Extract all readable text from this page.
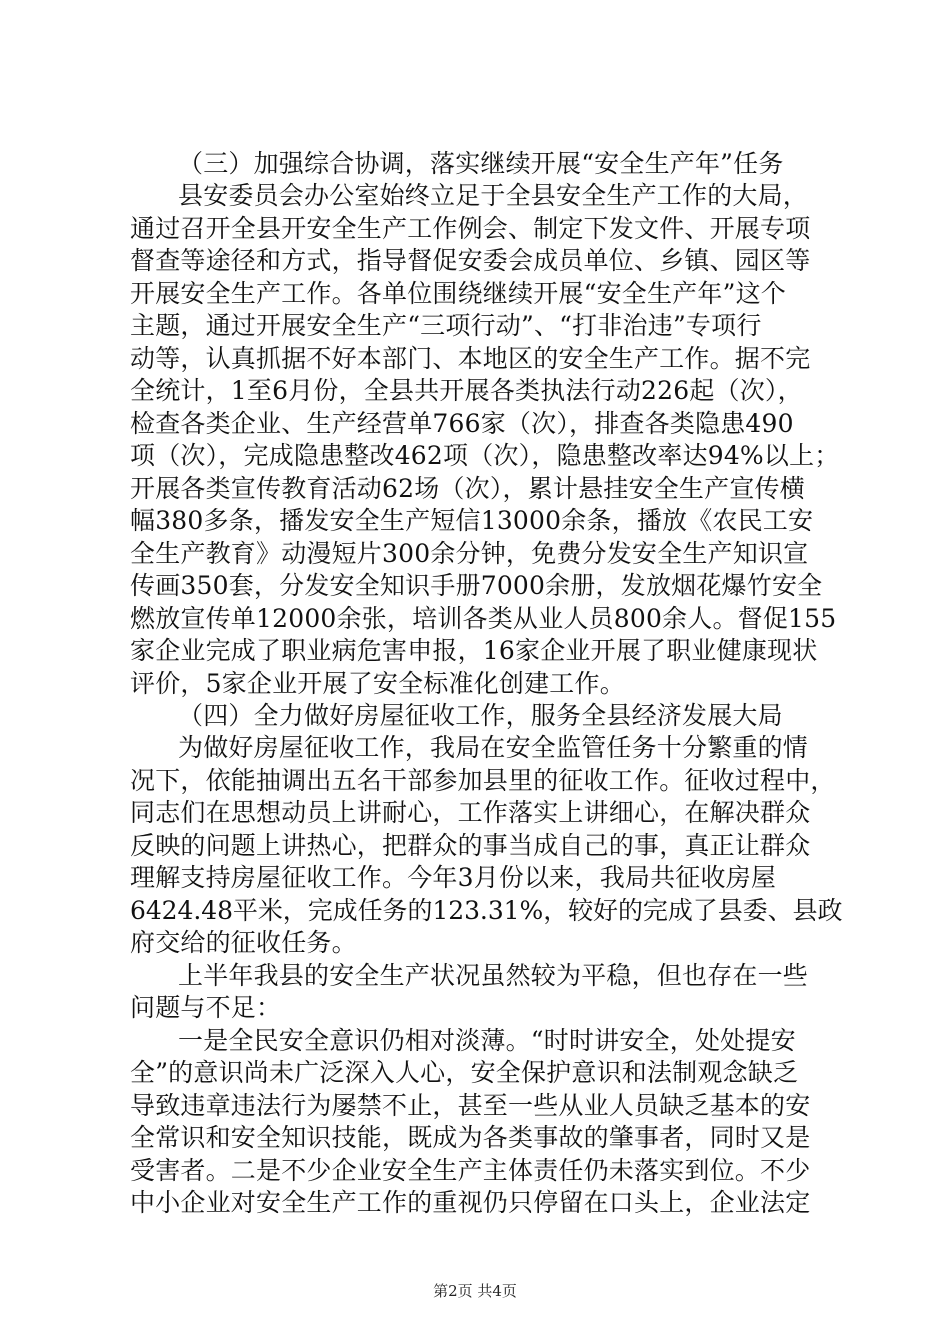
（三）加强综合协调，落实继续开展“安全生产年”任务
县安委员会办公室始终立足于全县安全生产工作的大局，
通过召开全县开安全生产工作例会、制定下发文件、开展专项
督查等途径和方式，指导督促安委会成员单位、乡镇、园区等
开展安全生产工作。各单位围绕继续开展“安全生产年”这个
主题，通过开展安全生产“三项行动”、“打非治违”专项行
动等，认真抓据不好本部门、本地区的安全生产工作。据不完
全统计，1至6月份，全县共开展各类执法行动226起（次），
检查各类企业、生产经营单766家（次），排查各类隐患490
项（次），完成隐患整改462项（次），隐患整改率达94%以上；
开展各类宣传教育活动62场（次），累计悬挂安全生产宣传横
幅380多条，播发安全生产短信13000余条，播放《农民工安
全生产教育》动漫短片300余分钟，免费分发安全生产知识宣
传画350套，分发安全知识手册7000余册，发放烟花爆竹安全
燃放宣传单12000余张，培训各类从业人员800余人。督促155
家企业完成了职业病危害申报，16家企业开展了职业健康现状
评价，5家企业开展了安全标准化创建工作。
（四）全力做好房屋征收工作，服务全县经济发展大局
为做好房屋征收工作，我局在安全监管任务十分繁重的情
况下，依能抽调出五名干部参加县里的征收工作。征收过程中，
同志们在思想动员上讲耐心，工作落实上讲细心，在解决群众
反映的问题上讲热心，把群众的事当成自己的事，真正让群众
理解支持房屋征收工作。今年3月份以来，我局共征收房屋
6424.48平米，完成任务的123.31%，较好的完成了县委、县政
府交给的征收任务。
上半年我县的安全生产状况虽然较为平稳，但也存在一些
问题与不足：
一是全民安全意识仍相对淡薄。“时时讲安全，处处提安
全”的意识尚未广泛深入人心，安全保护意识和法制观念缺乏
导致违章违法行为屡禁不止，甚至一些从业人员缺乏基本的安
全常识和安全知识技能，既成为各类事故的肇事者，同时又是
受害者。二是不少企业安全生产主体责任仍未落实到位。不少
中小企业对安全生产工作的重视仍只停留在口头上，企业法定
第2页 共4页
